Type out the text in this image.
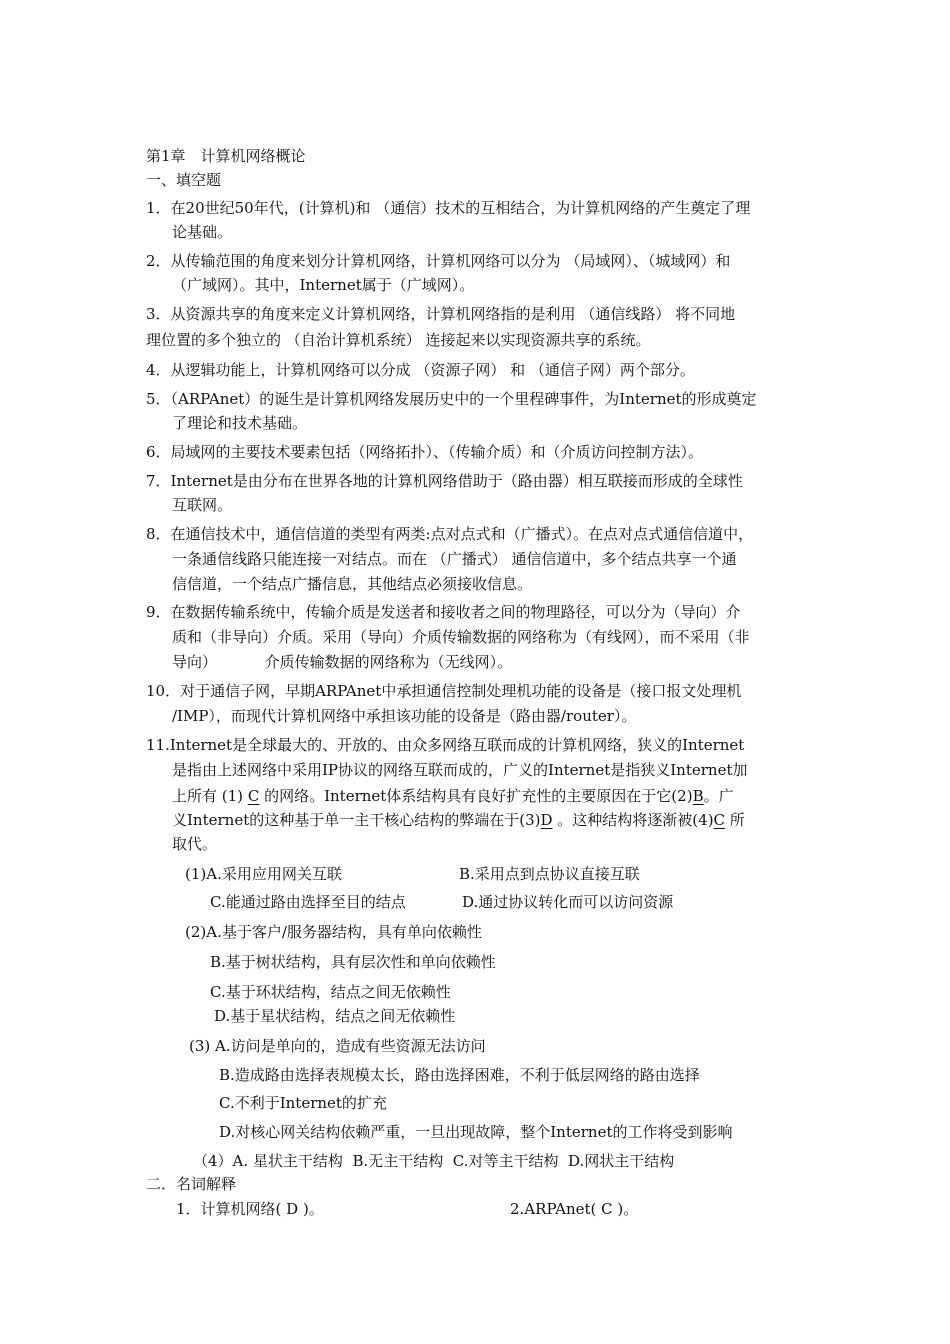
第1章　计算机网络概论
一、填空题
1．在20世纪50年代，(计算机)和 （通信）技术的互相结合，为计算机网络的产生奠定了理
论基础。
2．从传输范围的角度来划分计算机网络，计算机网络可以分为 （局域网）、（城域网）和
（广域网）。其中，Internet属于（广域网）。
3．从资源共享的角度来定义计算机网络，计算机网络指的是利用 （通信线路） 将不同地
理位置的多个独立的 （自治计算机系统） 连接起来以实现资源共享的系统。
4．从逻辑功能上，计算机网络可以分成 （资源子网） 和 （通信子网）两个部分。
5．（ARPAnet）的诞生是计算机网络发展历史中的一个里程碑事件，为Internet的形成奠定
了理论和技术基础。
6．局域网的主要技术要素包括（网络拓扑）、（传输介质）和（介质访问控制方法）。
7．Internet是由分布在世界各地的计算机网络借助于（路由器）相互联接而形成的全球性
互联网。
8．在通信技术中，通信信道的类型有两类:点对点式和（广播式）。在点对点式通信信道中，
一条通信线路只能连接一对结点。而在 （广播式） 通信信道中，多个结点共享一个通
信信道，一个结点广播信息，其他结点必须接收信息。
9．在数据传输系统中，传输介质是发送者和接收者之间的物理路径，可以分为（导向）介
质和（非导向）介质。采用（导向）介质传输数据的网络称为（有线网），而不采用（非
导向）          介质传输数据的网络称为（无线网）。
10．对于通信子网，早期ARPAnet中承担通信控制处理机功能的设备是（接口报文处理机
/IMP），而现代计算机网络中承担该功能的设备是（路由器/router）。
11.Internet是全球最大的、开放的、由众多网络互联而成的计算机网络，狭义的Internet
是指由上述网络中采用IP协议的网络互联而成的，广义的Internet是指狭义Internet加
上所有 (1) C 的网络。Internet体系结构具有良好扩充性的主要原因在于它(2)B。广
义Internet的这种基于单一主干核心结构的弊端在于(3)D 。这种结构将逐渐被(4)C 所
取代。
(1)A.采用应用网关互联	B.采用点到点协议直接互联
C.能通过路由选择至目的结点	D.通过协议转化而可以访问资源
(2)A.基于客户/服务器结构，具有单向依赖性
B.基于树状结构，具有层次性和单向依赖性
C.基于环状结构，结点之间无依赖性
D.基于星状结构，结点之间无依赖性
(3) A.访问是单向的，造成有些资源无法访问
B.造成路由选择表规模太长，路由选择困难，不利于低层网络的路由选择
C.不利于Internet的扩充
D.对核心网关结构依赖严重，一旦出现故障，整个Internet的工作将受到影响
（4）A. 星状主干结构  B.无主干结构  C.对等主干结构  D.网状主干结构
二．名词解释
1．计算机网络( D )。	2.ARPAnet( C )。
